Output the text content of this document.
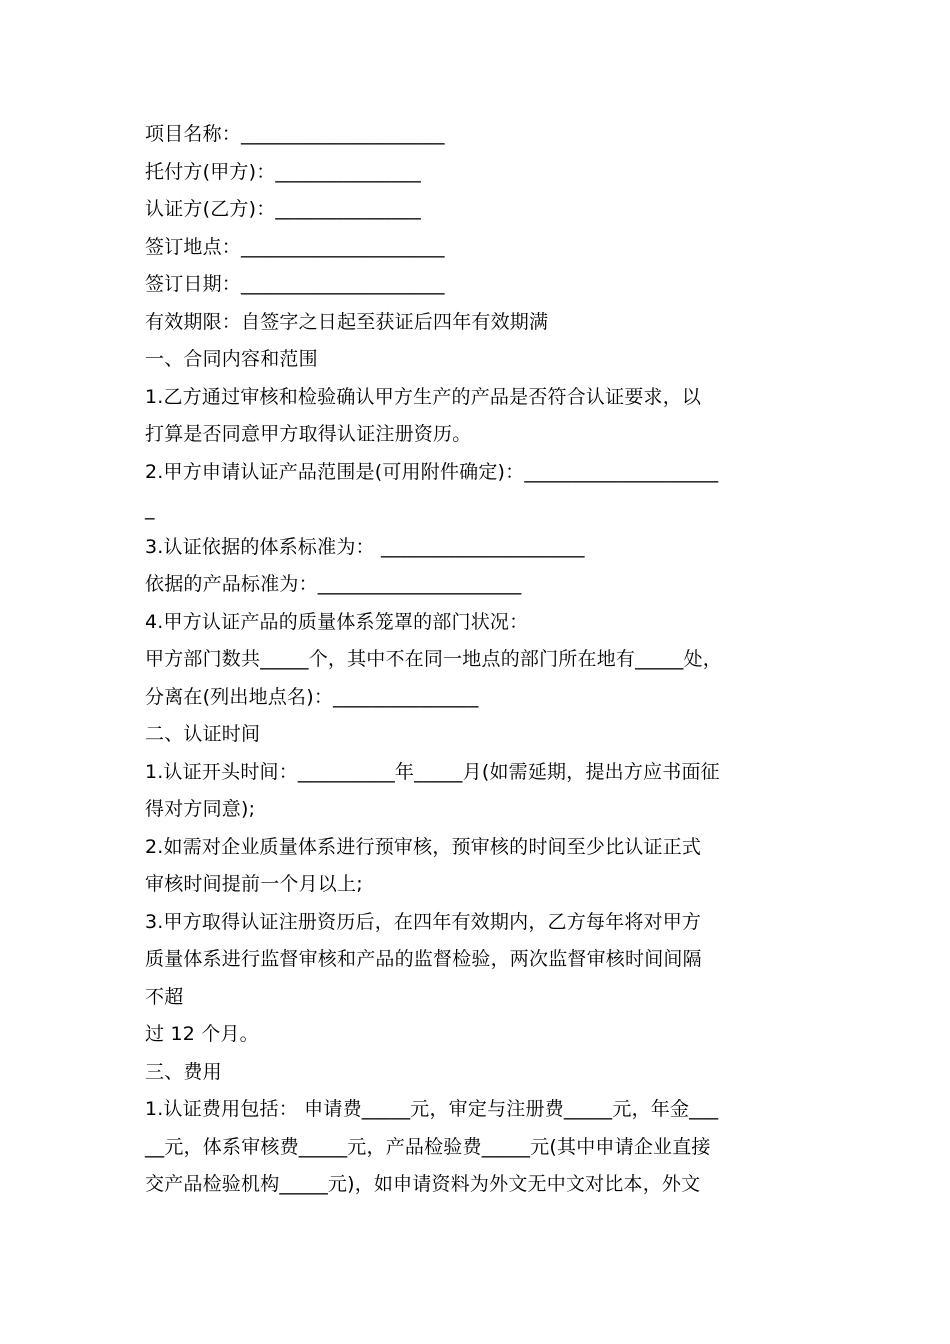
项目名称：_____________________
托付方(甲方)：_______________
认证方(乙方)：_______________
签订地点：_____________________
签订日期：_____________________
有效期限：自签字之日起至获证后四年有效期满
一、合同内容和范围
1.乙方通过审核和检验确认甲方生产的产品是否符合认证要求，以
打算是否同意甲方取得认证注册资历。
2.甲方申请认证产品范围是(可用附件确定)：____________________
_
3.认证依据的体系标准为： _____________________
依据的产品标准为：_____________________
4.甲方认证产品的质量体系笼罩的部门状况：
甲方部门数共_____个，其中不在同一地点的部门所在地有_____处，
分离在(列出地点名)：_______________
二、认证时间
1.认证开头时间：__________年_____月(如需延期，提出方应书面征
得对方同意);
2.如需对企业质量体系进行预审核，预审核的时间至少比认证正式
审核时间提前一个月以上;
3.甲方取得认证注册资历后，在四年有效期内，乙方每年将对甲方
质量体系进行监督审核和产品的监督检验，两次监督审核时间间隔
不超
过 12 个月。
三、费用
1.认证费用包括： 申请费_____元，审定与注册费_____元，年金___
__元，体系审核费_____元，产品检验费_____元(其中申请企业直接
交产品检验机构_____元)，如申请资料为外文无中文对比本，外文
